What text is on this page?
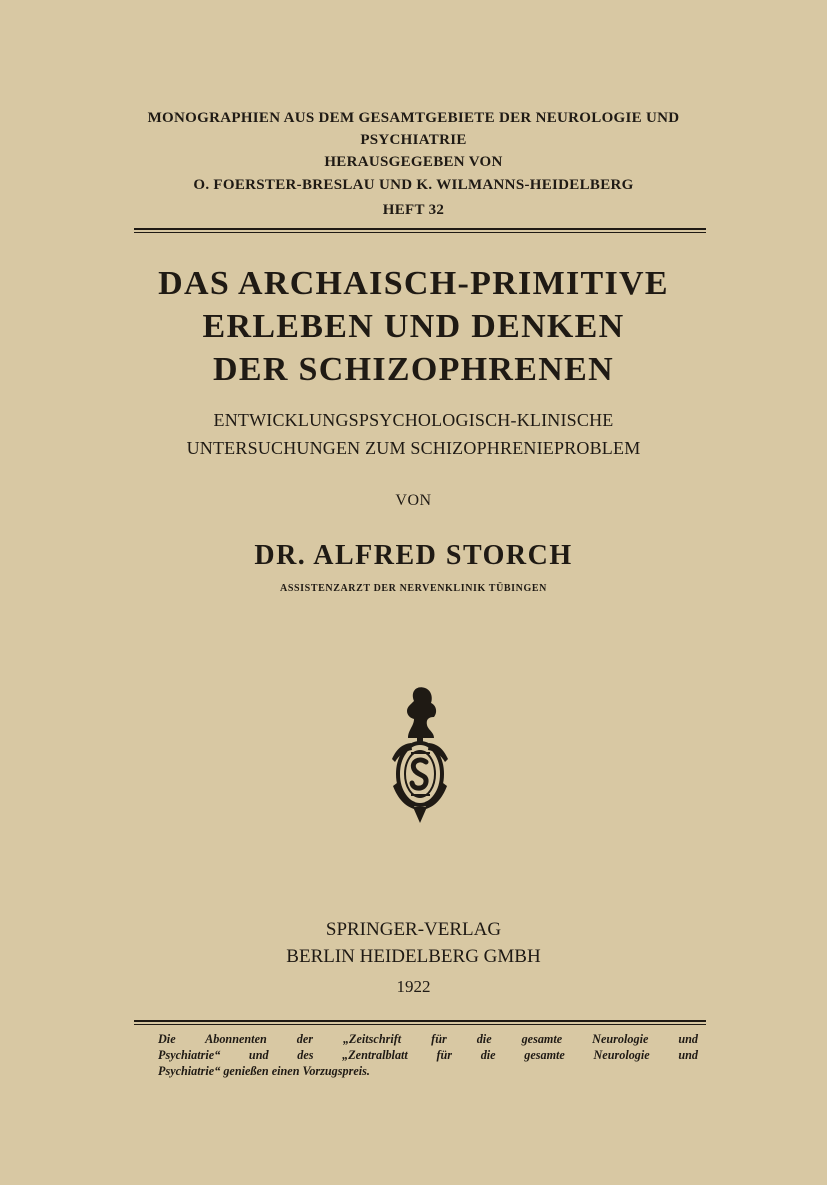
MONOGRAPHIEN AUS DEM GESAMTGEBIETE DER NEUROLOGIE UND
PSYCHIATRIE
HERAUSGEGEBEN VON
O. FOERSTER-BRESLAU UND K. WILMANNS-HEIDELBERG
HEFT 32
DAS ARCHAISCH-PRIMITIVE
ERLEBEN UND DENKEN
DER SCHIZOPHRENEN
ENTWICKLUNGSPSYCHOLOGISCH-KLINISCHE
UNTERSUCHUNGEN ZUM SCHIZOPHRENIEPROBLEM
VON
DR. ALFRED STORCH
ASSISTENZARZT DER NERVENKLINIK TÜBINGEN
SPRINGER-VERLAG
BERLIN HEIDELBERG GMBH
1922
Die Abonnenten der „Zeitschrift für die gesamte Neurologie und
Psychiatrie“ und des „Zentralblatt für die gesamte Neurologie und
Psychiatrie“ genießen einen Vorzugspreis.
